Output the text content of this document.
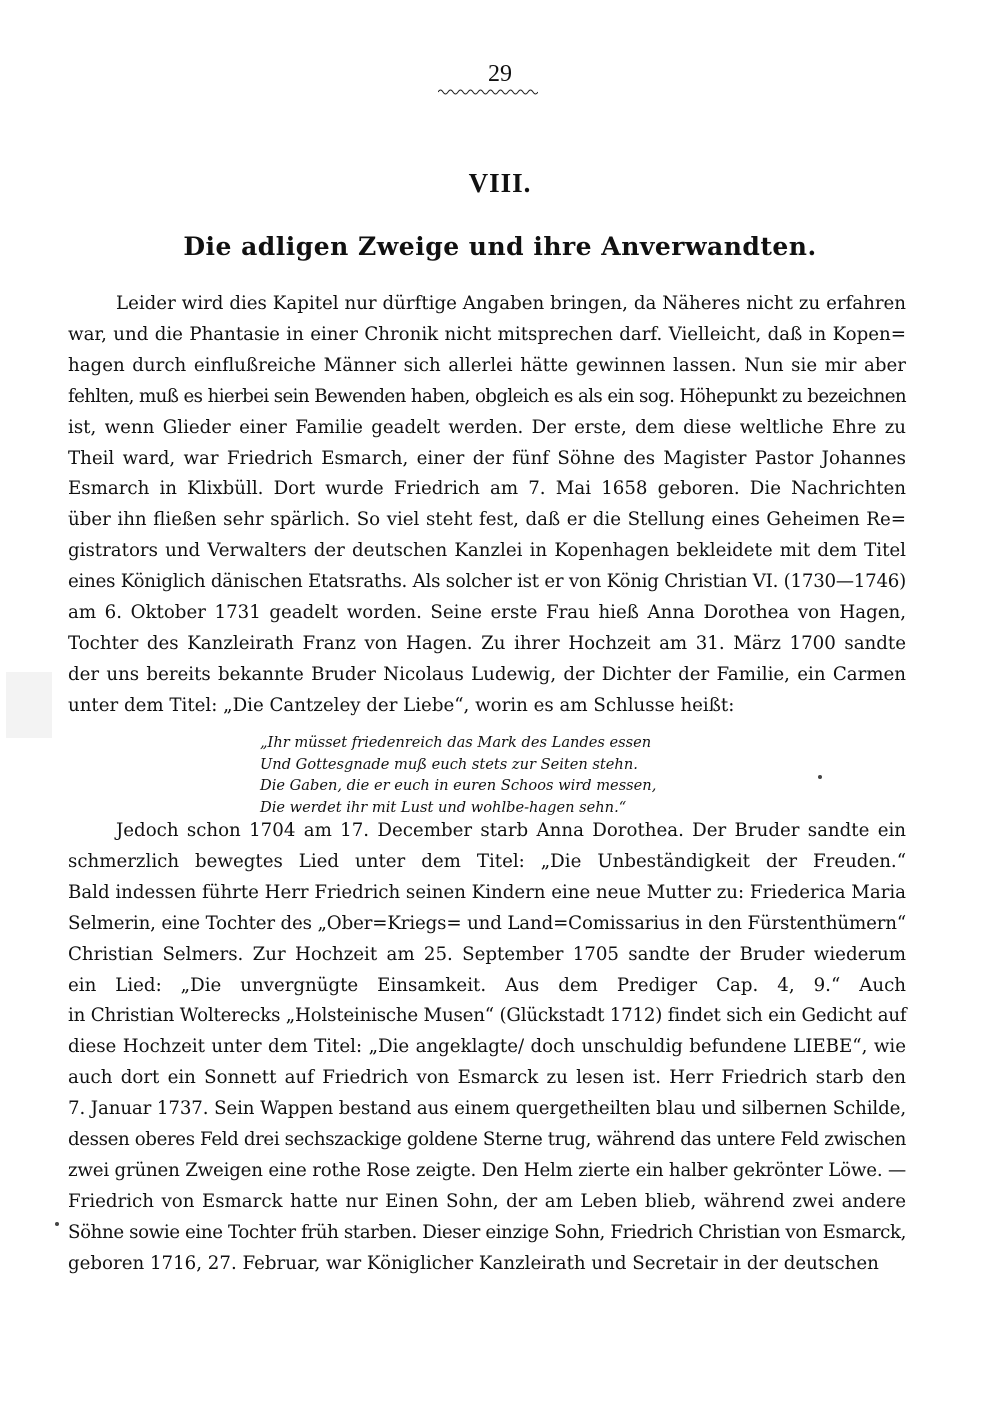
29
VIII.
Die adligen Zweige und ihre Anverwandten.
Leider wird dies Kapitel nur dürftige Angaben bringen, da Näheres nicht zu erfahren
war, und die Phantasie in einer Chronik nicht mitsprechen darf. Vielleicht, daß in Kopen=
hagen durch einflußreiche Männer sich allerlei hätte gewinnen lassen. Nun sie mir aber
fehlten, muß es hierbei sein Bewenden haben, obgleich es als ein sog. Höhepunkt zu bezeichnen
ist, wenn Glieder einer Familie geadelt werden. Der erste, dem diese weltliche Ehre zu
Theil ward, war Friedrich Esmarch, einer der fünf Söhne des Magister Pastor Johannes
Esmarch in Klixbüll. Dort wurde Friedrich am 7. Mai 1658 geboren. Die Nachrichten
über ihn fließen sehr spärlich. So viel steht fest, daß er die Stellung eines Geheimen Re=
gistrators und Verwalters der deutschen Kanzlei in Kopenhagen bekleidete mit dem Titel
eines Königlich dänischen Etatsraths. Als solcher ist er von König Christian VI. (1730—1746)
am 6. Oktober 1731 geadelt worden. Seine erste Frau hieß Anna Dorothea von Hagen,
Tochter des Kanzleirath Franz von Hagen. Zu ihrer Hochzeit am 31. März 1700 sandte
der uns bereits bekannte Bruder Nicolaus Ludewig, der Dichter der Familie, ein Carmen
unter dem Titel: „Die Cantzeley der Liebe“, worin es am Schlusse heißt:
„Ihr müsset friedenreich das Mark des Landes essen
Und Gottesgnade muß euch stets zur Seiten stehn.
Die Gaben, die er euch in euren Schoos wird messen,
Die werdet ihr mit Lust und wohlbe-hagen sehn.“
Jedoch schon 1704 am 17. December starb Anna Dorothea. Der Bruder sandte ein
schmerzlich bewegtes Lied unter dem Titel: „Die Unbeständigkeit der Freuden.“
Bald indessen führte Herr Friedrich seinen Kindern eine neue Mutter zu: Friederica Maria
Selmerin, eine Tochter des „Ober=Kriegs= und Land=Comissarius in den Fürstenthümern“
Christian Selmers. Zur Hochzeit am 25. September 1705 sandte der Bruder wiederum
ein Lied: „Die unvergnügte Einsamkeit. Aus dem Prediger Cap. 4, 9.“ Auch
in Christian Wolterecks „Holsteinische Musen“ (Glückstadt 1712) findet sich ein Gedicht auf
diese Hochzeit unter dem Titel: „Die angeklagte/ doch unschuldig befundene LIEBE“, wie
auch dort ein Sonnett auf Friedrich von Esmarck zu lesen ist. Herr Friedrich starb den
7. Januar 1737. Sein Wappen bestand aus einem quergetheilten blau und silbernen Schilde,
dessen oberes Feld drei sechszackige goldene Sterne trug, während das untere Feld zwischen
zwei grünen Zweigen eine rothe Rose zeigte. Den Helm zierte ein halber gekrönter Löwe. —
Friedrich von Esmarck hatte nur Einen Sohn, der am Leben blieb, während zwei andere
Söhne sowie eine Tochter früh starben. Dieser einzige Sohn, Friedrich Christian von Esmarck,
geboren 1716, 27. Februar, war Königlicher Kanzleirath und Secretair in der deutschen
